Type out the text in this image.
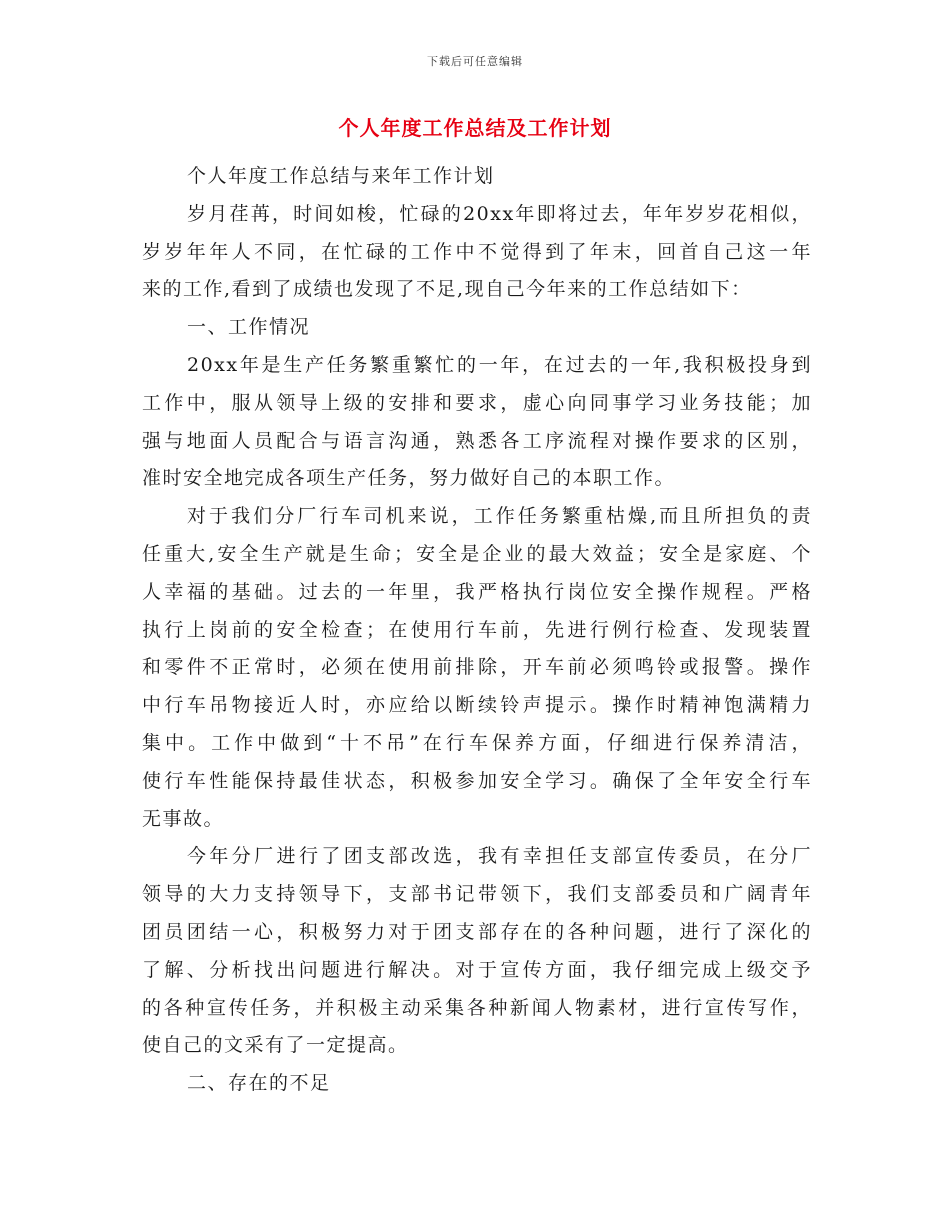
下载后可任意编辑
个人年度工作总结及工作计划
个人年度工作总结与来年工作计划
岁月荏苒，时间如梭，忙碌的20xx年即将过去，年年岁岁花相似，
岁岁年年人不同，在忙碌的工作中不觉得到了年末，回首自己这一年
来的工作,看到了成绩也发现了不足,现自己今年来的工作总结如下：
一、工作情况
20xx年是生产任务繁重繁忙的一年，在过去的一年,我积极投身到
工作中，服从领导上级的安排和要求，虚心向同事学习业务技能；加
强与地面人员配合与语言沟通，熟悉各工序流程对操作要求的区别，
准时安全地完成各项生产任务，努力做好自己的本职工作。
对于我们分厂行车司机来说，工作任务繁重枯燥,而且所担负的责
任重大,安全生产就是生命；安全是企业的最大效益；安全是家庭、个
人幸福的基础。过去的一年里，我严格执行岗位安全操作规程。严格
执行上岗前的安全检查；在使用行车前，先进行例行检查、发现装置
和零件不正常时，必须在使用前排除，开车前必须鸣铃或报警。操作
中行车吊物接近人时，亦应给以断续铃声提示。操作时精神饱满精力
集中。工作中做到“十不吊”在行车保养方面，仔细进行保养清洁，
使行车性能保持最佳状态，积极参加安全学习。确保了全年安全行车
无事故。
今年分厂进行了团支部改选，我有幸担任支部宣传委员，在分厂
领导的大力支持领导下，支部书记带领下，我们支部委员和广阔青年
团员团结一心，积极努力对于团支部存在的各种问题，进行了深化的
了解、分析找出问题进行解决。对于宣传方面，我仔细完成上级交予
的各种宣传任务，并积极主动采集各种新闻人物素材，进行宣传写作，
使自己的文采有了一定提高。
二、存在的不足
